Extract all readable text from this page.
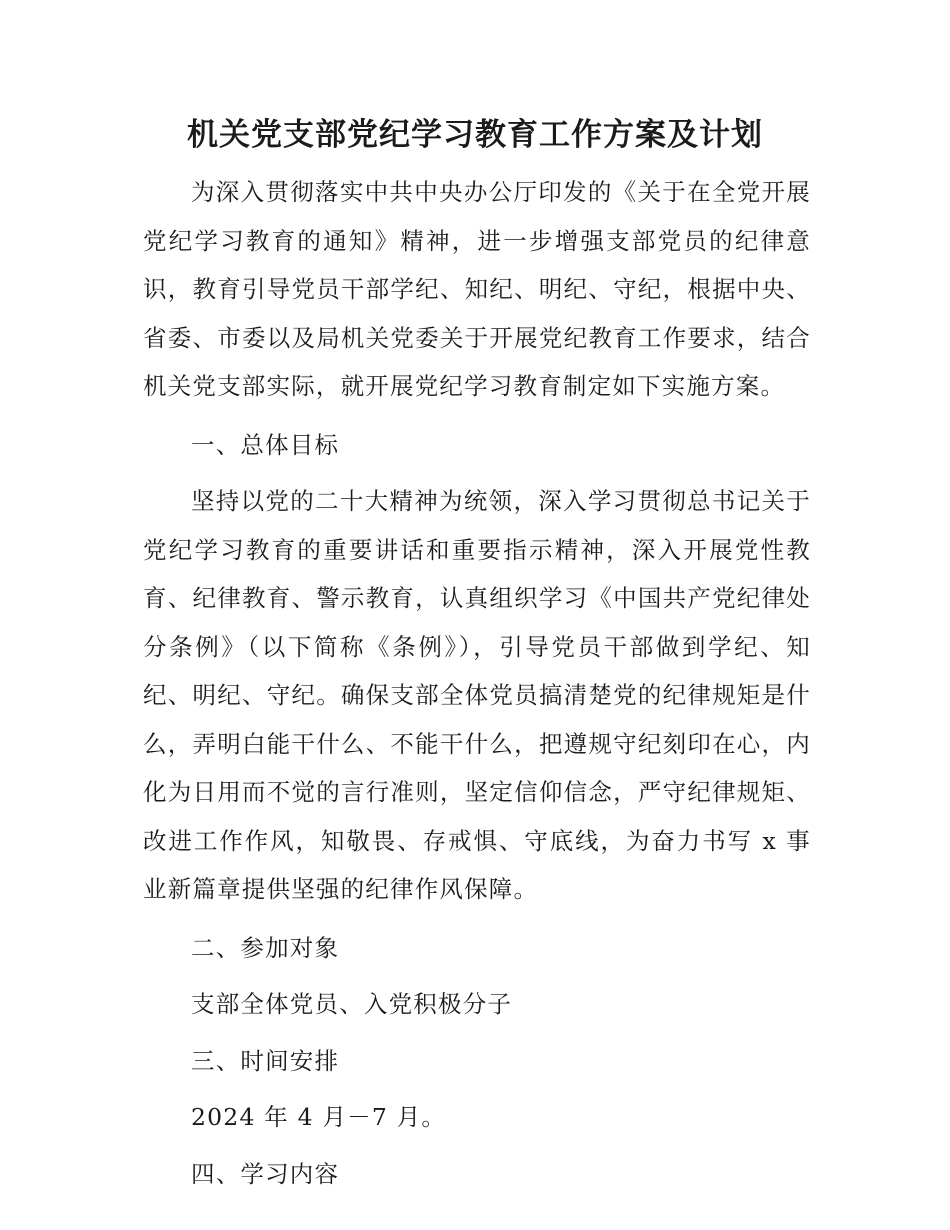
机关党支部党纪学习教育工作方案及计划

为深入贯彻落实中共中央办公厅印发的《关于在全党开展党纪学习教育的通知》精神，进一步增强支部党员的纪律意识，教育引导党员干部学纪、知纪、明纪、守纪，根据中央、省委、市委以及局机关党委关于开展党纪教育工作要求，结合机关党支部实际，就开展党纪学习教育制定如下实施方案。

一、总体目标

坚持以党的二十大精神为统领，深入学习贯彻总书记关于党纪学习教育的重要讲话和重要指示精神，深入开展党性教育、纪律教育、警示教育，认真组织学习《中国共产党纪律处分条例》（以下简称《条例》），引导党员干部做到学纪、知纪、明纪、守纪。确保支部全体党员搞清楚党的纪律规矩是什么，弄明白能干什么、不能干什么，把遵规守纪刻印在心，内化为日用而不觉的言行准则，坚定信仰信念，严守纪律规矩、改进工作作风，知敬畏、存戒惧、守底线，为奋力书写 x 事业新篇章提供坚强的纪律作风保障。

二、参加对象

支部全体党员、入党积极分子

三、时间安排

2024 年 4 月－7 月。

四、学习内容
